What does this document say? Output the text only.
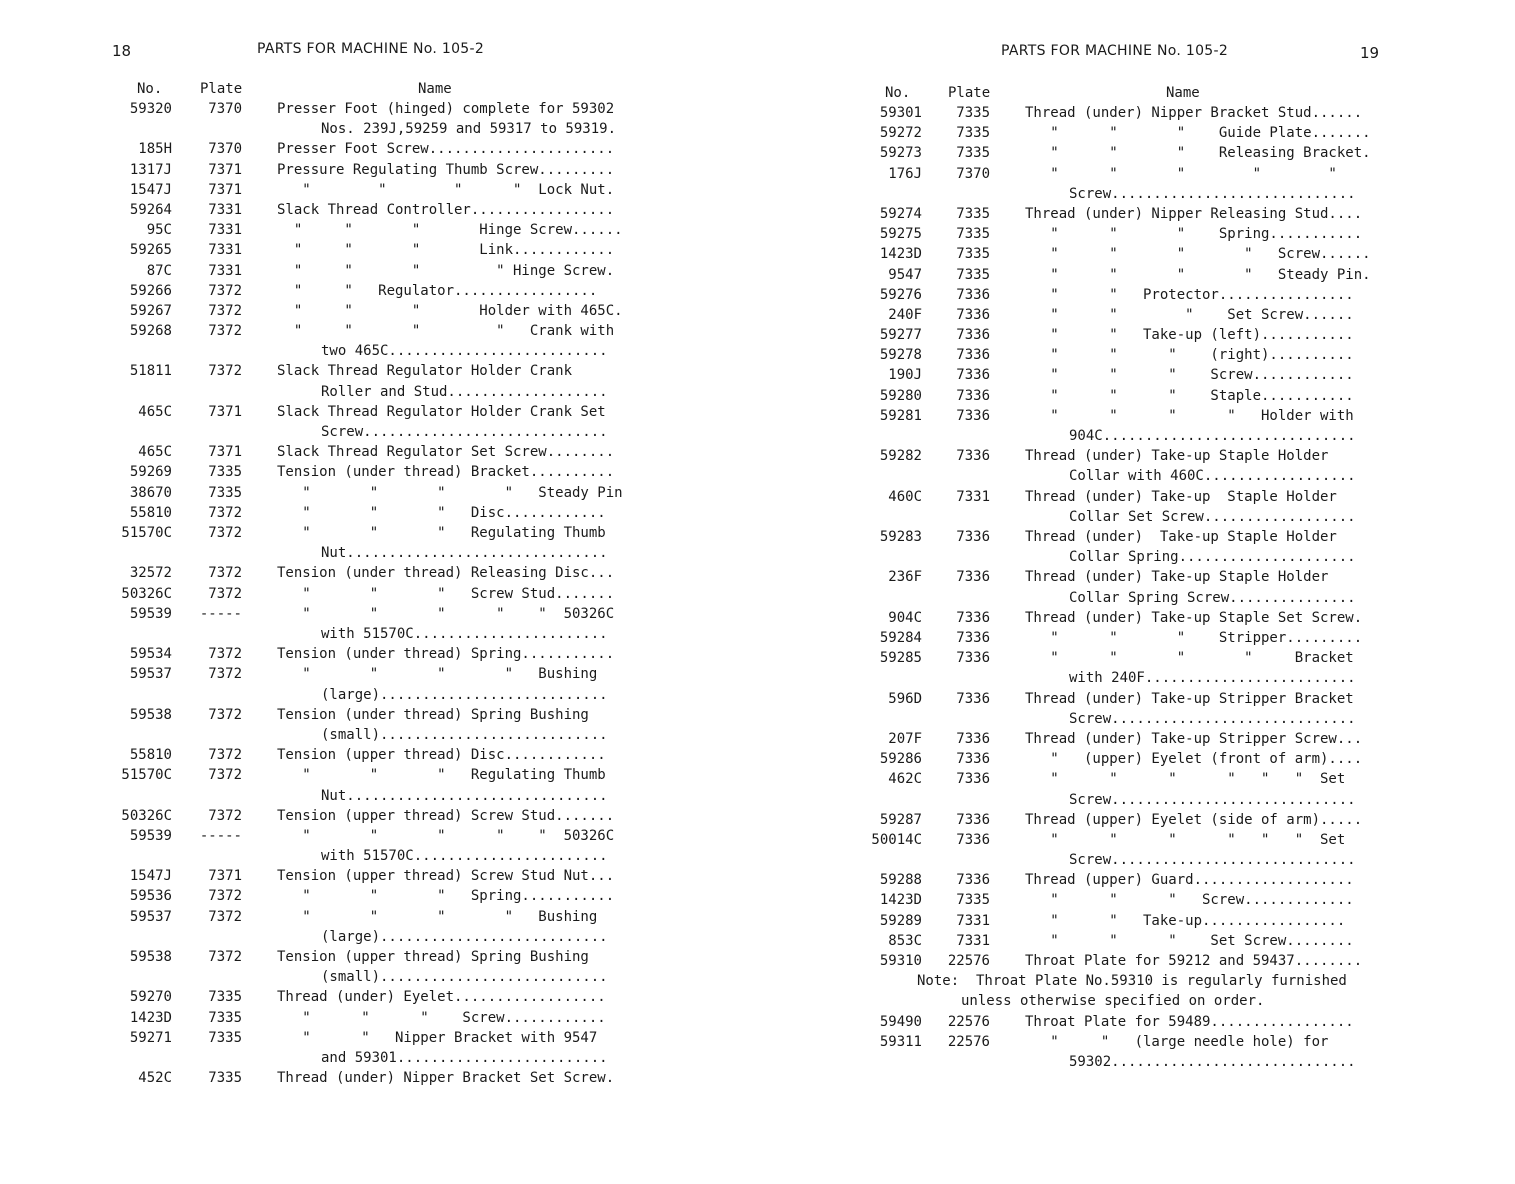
18	PARTS FOR MACHINE No. 105-2
No.	Plate	Name
59320	7370	Presser Foot (hinged) complete for 59302
Nos. 239J,59259 and 59317 to 59319.
185H	7370	Presser Foot Screw......................
1317J	7371	Pressure Regulating Thumb Screw.........
1547J	7371	"        "        "      "  Lock Nut.
59264	7331	Slack Thread Controller.................
95C	7331	"     "       "       Hinge Screw......
59265	7331	"     "       "       Link............
87C	7331	"     "       "         " Hinge Screw.
59266	7372	"     "   Regulator.................
59267	7372	"     "       "       Holder with 465C.
59268	7372	"     "       "         "   Crank with
two 465C..........................
51811	7372	Slack Thread Regulator Holder Crank
Roller and Stud...................
465C	7371	Slack Thread Regulator Holder Crank Set
Screw.............................
465C	7371	Slack Thread Regulator Set Screw........
59269	7335	Tension (under thread) Bracket..........
38670	7335	"       "       "       "   Steady Pin
55810	7372	"       "       "   Disc............
51570C	7372	"       "       "   Regulating Thumb
Nut...............................
32572	7372	Tension (under thread) Releasing Disc...
50326C	7372	"       "       "   Screw Stud.......
59539 -----	"       "       "      "    "  50326C
with 51570C.......................
59534	7372	Tension (under thread) Spring...........
59537	7372	"       "       "       "   Bushing
(large)...........................
59538	7372	Tension (under thread) Spring Bushing
(small)...........................
55810	7372	Tension (upper thread) Disc............
51570C	7372	"       "       "   Regulating Thumb
Nut...............................
50326C	7372	Tension (upper thread) Screw Stud.......
59539 -----	"       "       "      "    "  50326C
with 51570C.......................
1547J	7371	Tension (upper thread) Screw Stud Nut...
59536	7372	"       "       "   Spring...........
59537	7372	"       "       "       "   Bushing
(large)...........................
59538	7372	Tension (upper thread) Spring Bushing
(small)...........................
59270	7335	Thread (under) Eyelet..................
1423D	7335	"      "      "    Screw............
59271	7335	"      "   Nipper Bracket with 9547
and 59301.........................
452C	7335	Thread (under) Nipper Bracket Set Screw.
PARTS FOR MACHINE No. 105-2	19
No.	Plate	Name
59301	7335	Thread (under) Nipper Bracket Stud......
59272	7335	"      "       "    Guide Plate.......
59273	7335	"      "       "    Releasing Bracket.
176J	7370	"      "       "        "        "
Screw.............................
59274	7335	Thread (under) Nipper Releasing Stud....
59275	7335	"      "       "    Spring...........
1423D	7335	"      "       "       "   Screw......
9547	7335	"      "       "       "   Steady Pin.
59276	7336	"      "   Protector................
240F	7336	"      "        "    Set Screw......
59277	7336	"      "   Take-up (left)...........
59278	7336	"      "      "    (right)..........
190J	7336	"      "      "    Screw............
59280	7336	"      "      "    Staple...........
59281	7336	"      "      "      "   Holder with
904C..............................
59282	7336	Thread (under) Take-up Staple Holder
Collar with 460C..................
460C	7331	Thread (under) Take-up  Staple Holder
Collar Set Screw..................
59283	7336	Thread (under)  Take-up Staple Holder
Collar Spring.....................
236F	7336	Thread (under) Take-up Staple Holder
Collar Spring Screw...............
904C	7336	Thread (under) Take-up Staple Set Screw.
59284	7336	"      "       "    Stripper.........
59285	7336	"      "       "       "     Bracket
with 240F.........................
596D	7336	Thread (under) Take-up Stripper Bracket
Screw.............................
207F	7336	Thread (under) Take-up Stripper Screw...
59286	7336	"   (upper) Eyelet (front of arm)....
462C	7336	"      "      "      "   "   "  Set
Screw.............................
59287	7336	Thread (upper) Eyelet (side of arm).....
50014C	7336	"      "      "      "   "   "  Set
Screw.............................
59288	7336	Thread (upper) Guard...................
1423D	7335	"      "      "   Screw.............
59289	7331	"      "   Take-up.................
853C	7331	"      "      "    Set Screw........
59310 22576	Throat Plate for 59212 and 59437........
Note:  Throat Plate No.59310 is regularly furnished
unless otherwise specified on order.
59490 22576	Throat Plate for 59489.................
59311 22576	"     "   (large needle hole) for
59302.............................
